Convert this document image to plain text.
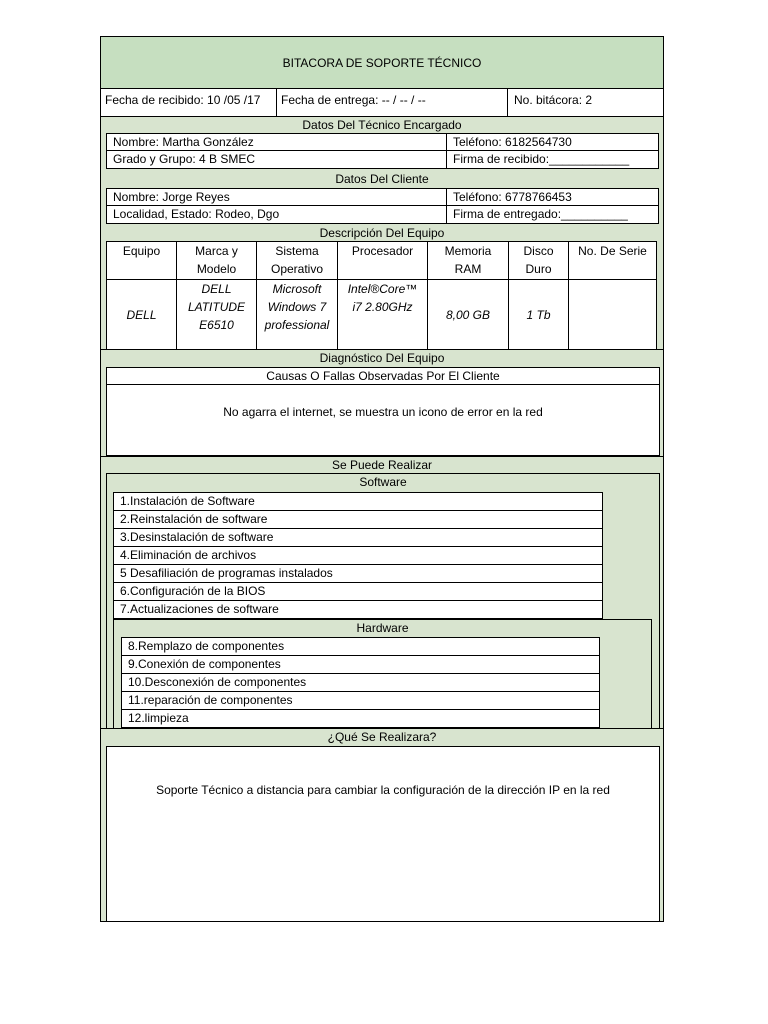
BITACORA DE SOPORTE TÉCNICO
Fecha de recibido: 10 /05 /17	Fecha de entrega: -- / -- / --	No. bitácora: 2
Datos Del Técnico Encargado
Nombre: Martha González	Teléfono: 6182564730
Grado y Grupo: 4 B SMEC	Firma de recibido:____________
Datos Del Cliente
Nombre: Jorge Reyes	Teléfono: 6778766453
Localidad, Estado: Rodeo, Dgo	Firma de entregado:__________
Descripción Del Equipo
Equipo	Marca y Modelo	Sistema Operativo	Procesador	Memoria RAM	Disco Duro	No. De Serie
DELL	DELL LATITUDE E6510	Microsoft Windows 7 professional	Intel®Core™ i7 2.80GHz	8,00 GB	1 Tb	
Diagnóstico Del Equipo
Causas O Fallas Observadas Por El Cliente
No agarra el internet, se muestra un icono de error en la red
Se Puede Realizar
Software
1.Instalación de Software
2.Reinstalación de software
3.Desinstalación de software
4.Eliminación de archivos
5 Desafiliación de programas instalados
6.Configuración de la BIOS
7.Actualizaciones de software
Hardware
8.Remplazo de componentes
9.Conexión de componentes
10.Desconexión de componentes
11.reparación de componentes
12.limpieza
¿Qué Se Realizara?
Soporte Técnico a distancia para cambiar la configuración de la dirección IP en la red
